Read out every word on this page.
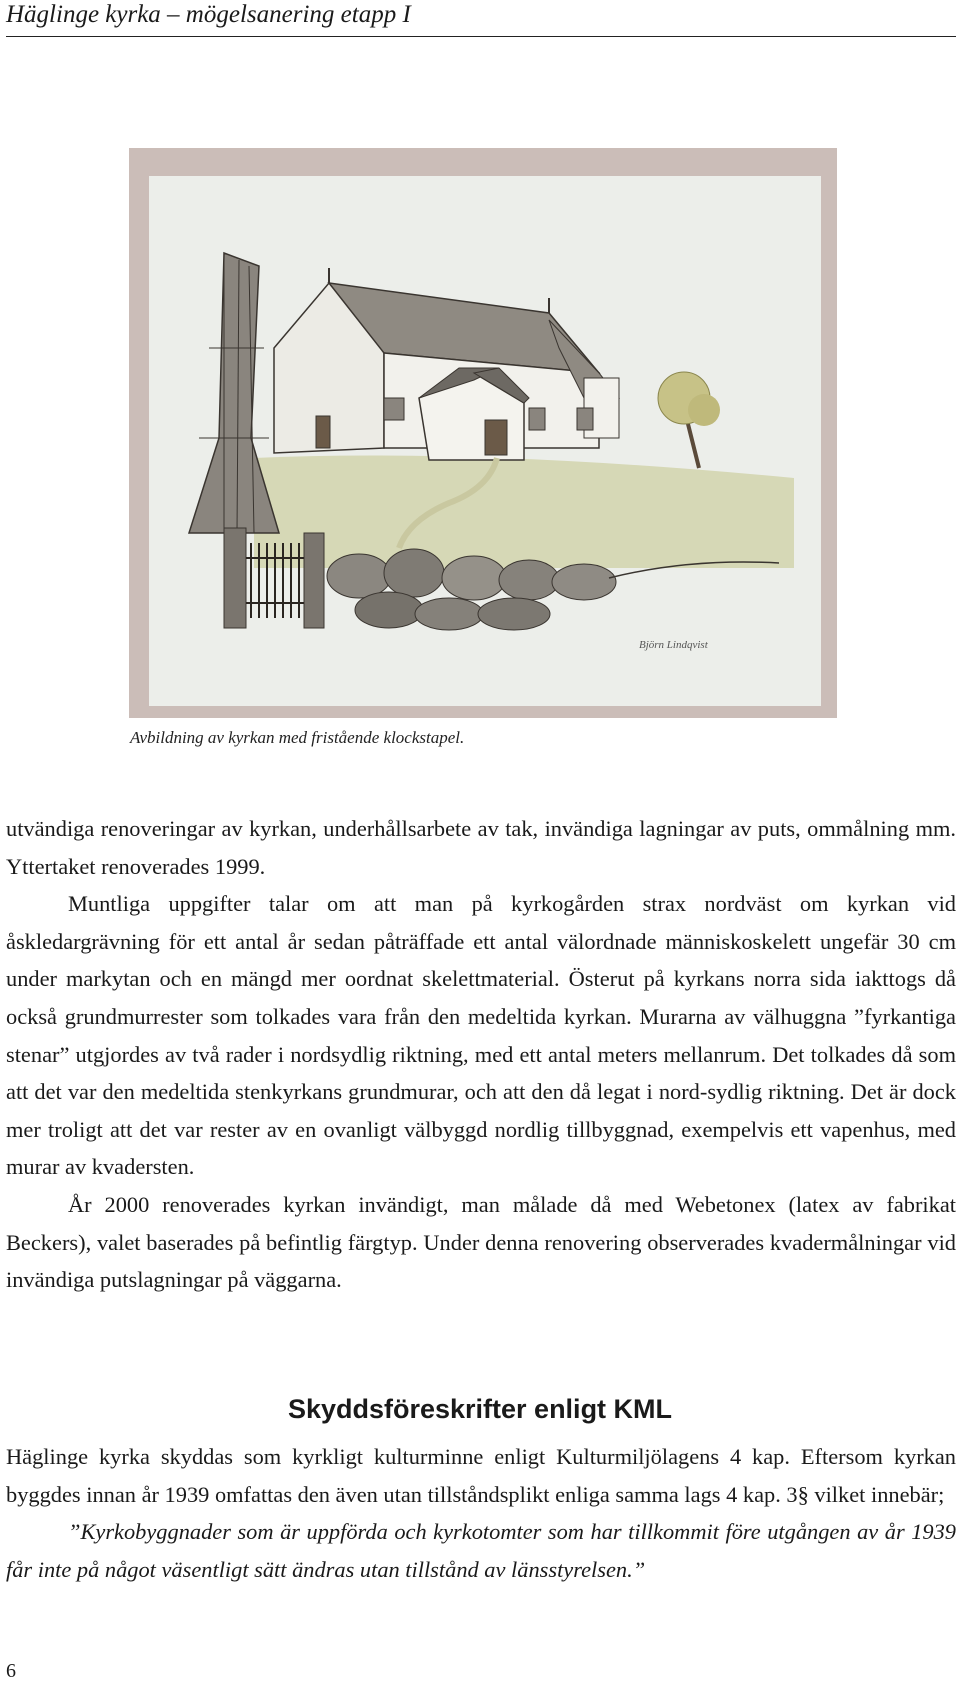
Häglinge kyrka – mögelsanering etapp I
Björn Lindqvist
Avbildning av kyrkan med fristående klockstapel.

utvändiga renoveringar av kyrkan, underhållsarbete av tak, invändiga lagningar av puts, ommålning mm. Yttertaket renoverades 1999.

Muntliga uppgifter talar om att man på kyrkogården strax nordväst om kyrkan vid åskledargrävning för ett antal år sedan påträffade ett antal välordnade människoskelett ungefär 30 cm under markytan och en mängd mer oordnat skelettmaterial. Österut på kyrkans norra sida iakttogs då också grundmurrester som tolkades vara från den medeltida kyrkan. Murarna av välhuggna ”fyrkantiga stenar” utgjordes av två rader i nordsydlig riktning, med ett antal meters mellanrum. Det tolkades då som att det var den medeltida stenkyrkans grundmurar, och att den då legat i nord-sydlig riktning. Det är dock mer troligt att det var rester av en ovanligt välbyggd nordlig tillbyggnad, exempelvis ett vapenhus, med murar av kvadersten.

År 2000 renoverades kyrkan invändigt, man målade då med Webetonex (latex av fabrikat Beckers), valet baserades på befintlig färgtyp. Under denna renovering observerades kvadermålningar vid invändiga putslagningar på väggarna.

Skyddsföreskrifter enligt KML

Häglinge kyrka skyddas som kyrkligt kulturminne enligt Kulturmiljölagens 4 kap. Eftersom kyrkan byggdes innan år 1939 omfattas den även utan tillståndsplikt enliga samma lags 4 kap. 3§ vilket innebär;

”Kyrkobyggnader som är uppförda och kyrkotomter som har tillkommit före utgången av år 1939 får inte på något väsentligt sätt ändras utan tillstånd av länsstyrelsen.”

6
